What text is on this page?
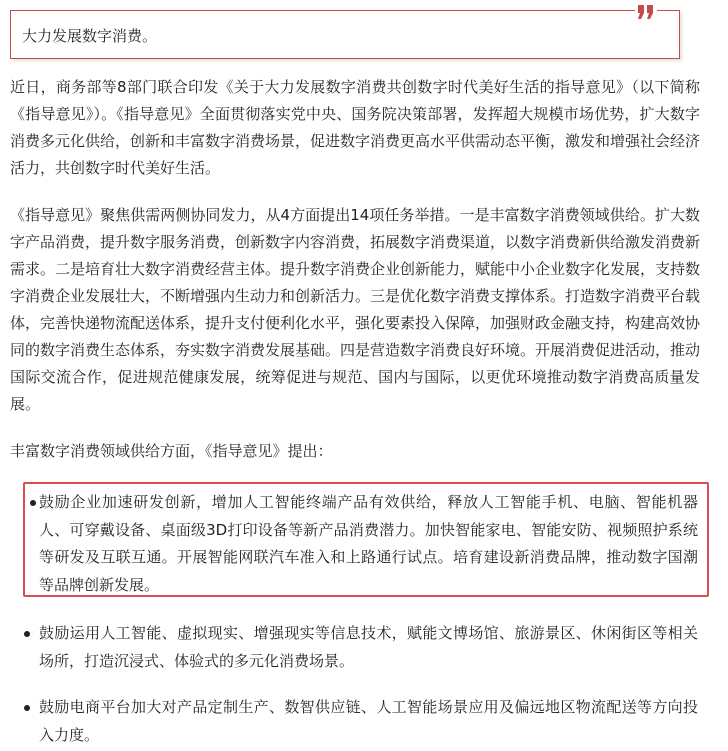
大力发展数字消费。

近日，商务部等8部门联合印发《关于大力发展数字消费共创数字时代美好生活的指导意见》（以下简称《指导意见》）。《指导意见》全面贯彻落实党中央、国务院决策部署，发挥超大规模市场优势，扩大数字消费多元化供给，创新和丰富数字消费场景，促进数字消费更高水平供需动态平衡，激发和增强社会经济活力，共创数字时代美好生活。

《指导意见》聚焦供需两侧协同发力，从4方面提出14项任务举措。一是丰富数字消费领域供给。扩大数字产品消费，提升数字服务消费，创新数字内容消费，拓展数字消费渠道，以数字消费新供给激发消费新需求。二是培育壮大数字消费经营主体。提升数字消费企业创新能力，赋能中小企业数字化发展，支持数字消费企业发展壮大，不断增强内生动力和创新活力。三是优化数字消费支撑体系。打造数字消费平台载体，完善快递物流配送体系，提升支付便利化水平，强化要素投入保障，加强财政金融支持，构建高效协同的数字消费生态体系，夯实数字消费发展基础。四是营造数字消费良好环境。开展消费促进活动，推动国际交流合作，促进规范健康发展，统筹促进与规范、国内与国际，以更优环境推动数字消费高质量发展。

丰富数字消费领域供给方面，《指导意见》提出：

鼓励企业加速研发创新，增加人工智能终端产品有效供给，释放人工智能手机、电脑、智能机器人、可穿戴设备、桌面级3D打印设备等新产品消费潜力。加快智能家电、智能安防、视频照护系统等研发及互联互通。开展智能网联汽车准入和上路通行试点。培育建设新消费品牌，推动数字国潮等品牌创新发展。
鼓励运用人工智能、虚拟现实、增强现实等信息技术，赋能文博场馆、旅游景区、休闲街区等相关场所，打造沉浸式、体验式的多元化消费场景。
鼓励电商平台加大对产品定制生产、数智供应链、人工智能场景应用及偏远地区物流配送等方向投入力度。
